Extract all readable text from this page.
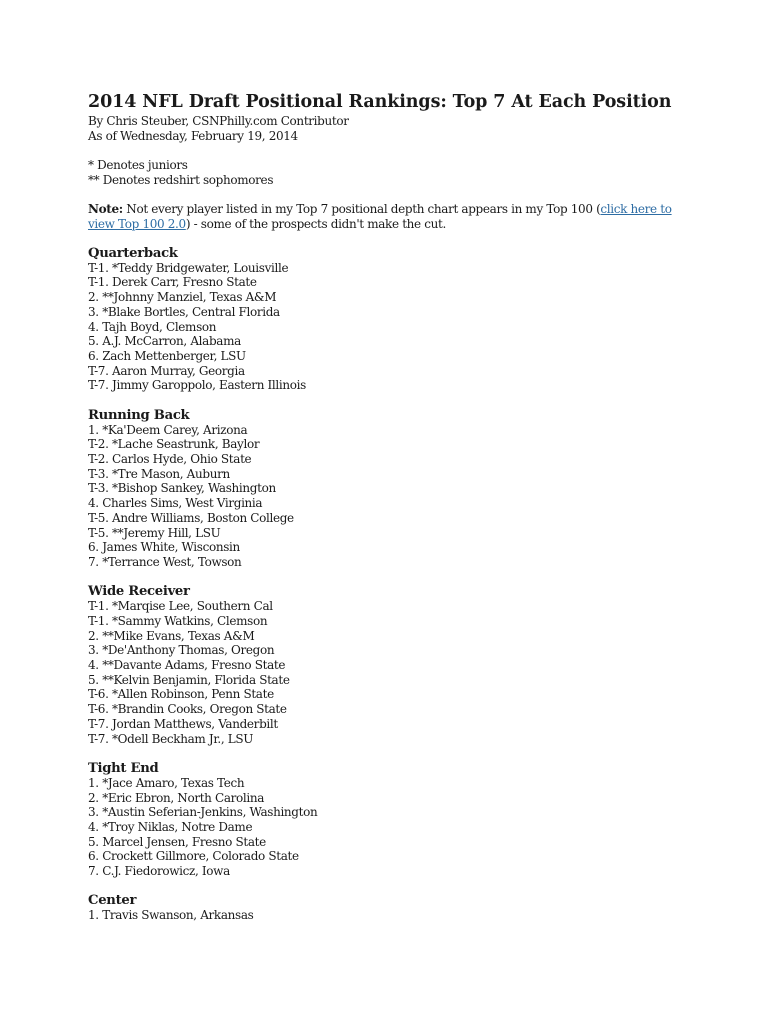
2014 NFL Draft Positional Rankings: Top 7 At Each Position

By Chris Steuber, CSNPhilly.com Contributor

As of Wednesday, February 19, 2014

* Denotes juniors

** Denotes redshirt sophomores

Note: Not every player listed in my Top 7 positional depth chart appears in my Top 100 (click here to

view Top 100 2.0) - some of the prospects didn't make the cut.

Quarterback
T-1. *Teddy Bridgewater, Louisville
T-1. Derek Carr, Fresno State
2. **Johnny Manziel, Texas A&M
3. *Blake Bortles, Central Florida
4. Tajh Boyd, Clemson
5. A.J. McCarron, Alabama
6. Zach Mettenberger, LSU
T-7. Aaron Murray, Georgia
T-7. Jimmy Garoppolo, Eastern Illinois
Running Back
1. *Ka'Deem Carey, Arizona
T-2. *Lache Seastrunk, Baylor
T-2. Carlos Hyde, Ohio State
T-3. *Tre Mason, Auburn
T-3. *Bishop Sankey, Washington
4. Charles Sims, West Virginia
T-5. Andre Williams, Boston College
T-5. **Jeremy Hill, LSU
6. James White, Wisconsin
7. *Terrance West, Towson
Wide Receiver
T-1. *Marqise Lee, Southern Cal
T-1. *Sammy Watkins, Clemson
2. **Mike Evans, Texas A&M
3. *De'Anthony Thomas, Oregon
4. **Davante Adams, Fresno State
5. **Kelvin Benjamin, Florida State
T-6. *Allen Robinson, Penn State
T-6. *Brandin Cooks, Oregon State
T-7. Jordan Matthews, Vanderbilt
T-7. *Odell Beckham Jr., LSU
Tight End
1. *Jace Amaro, Texas Tech
2. *Eric Ebron, North Carolina
3. *Austin Seferian-Jenkins, Washington
4. *Troy Niklas, Notre Dame
5. Marcel Jensen, Fresno State
6. Crockett Gillmore, Colorado State
7. C.J. Fiedorowicz, Iowa
Center
1. Travis Swanson, Arkansas
